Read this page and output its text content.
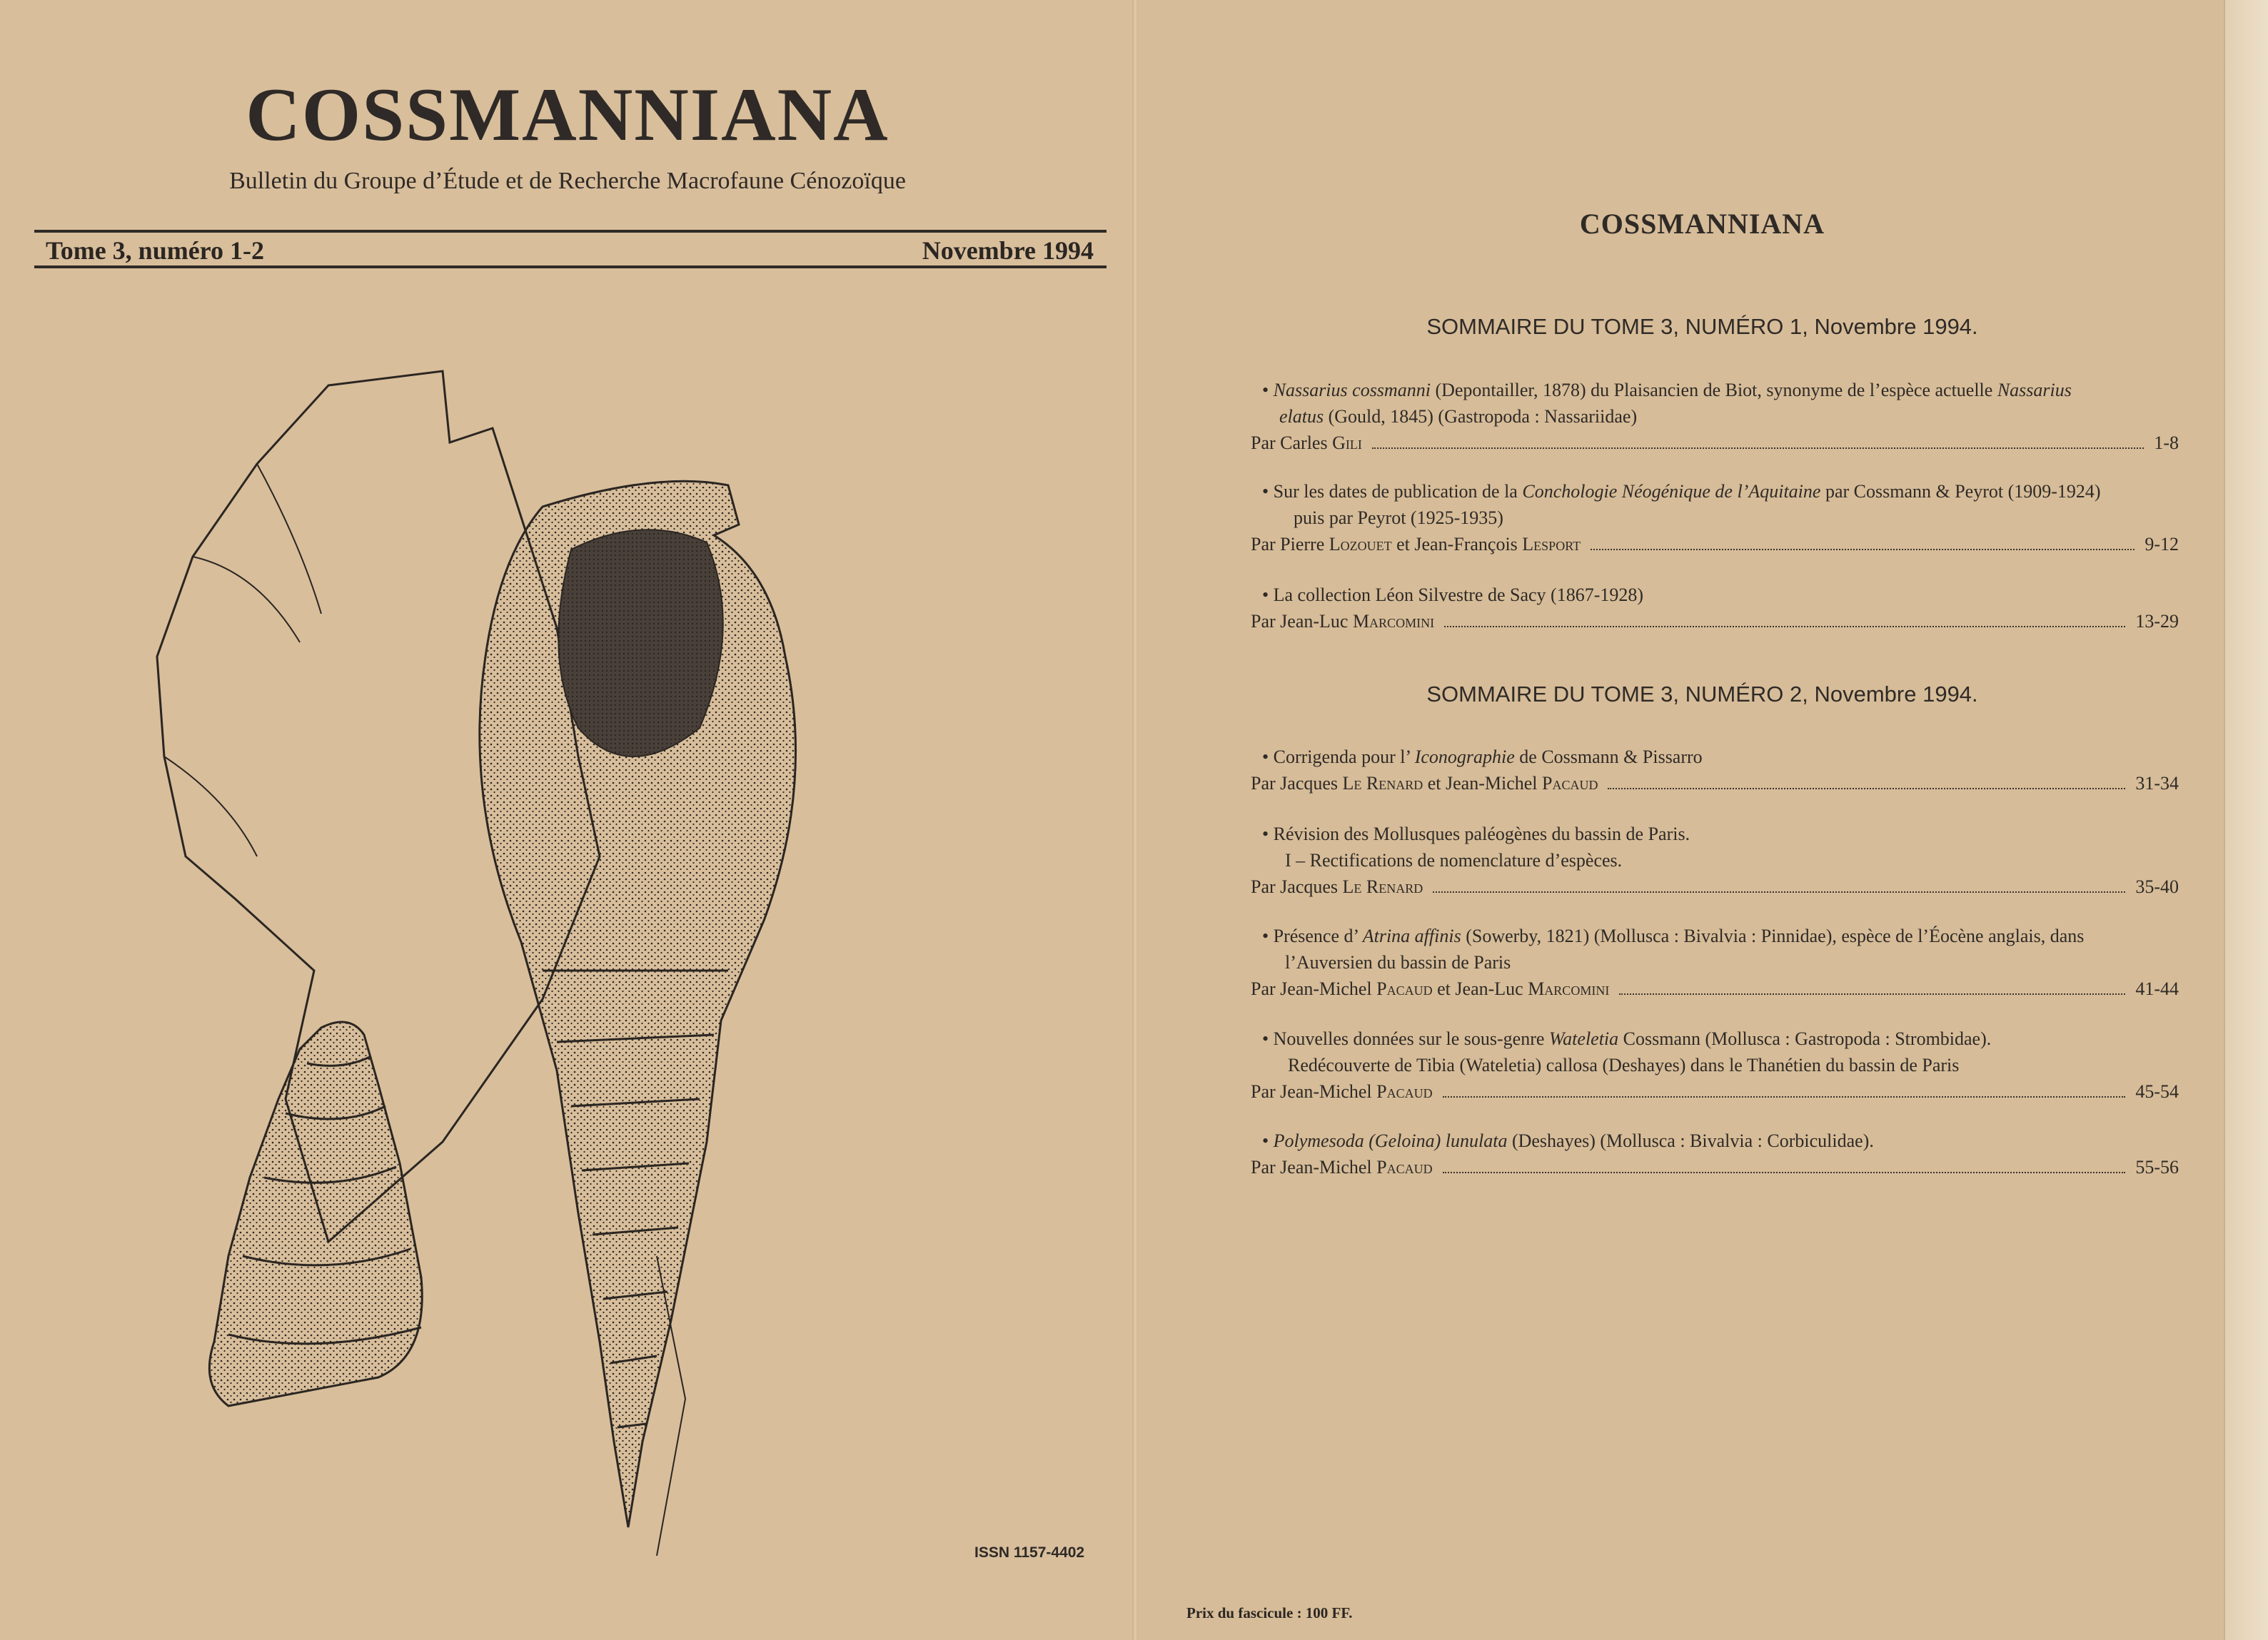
COSSMANNIANA
Bulletin du Groupe d’Étude et de Recherche Macrofaune Cénozoïque
Tome 3, numéro 1-2	Novembre 1994
ISSN 1157-4402
COSSMANNIANA
SOMMAIRE DU TOME 3, NUMÉRO 1, Novembre 1994.
• Nassarius cossmanni (Depontailler, 1878) du Plaisancien de Biot, synonyme de l’espèce actuelle Nassarius
elatus (Gould, 1845) (Gastropoda : Nassariidae)
Par Carles Gili	1-8
• Sur les dates de publication de la Conchologie Néogénique de l’Aquitaine par Cossmann & Peyrot (1909-1924)
puis par Peyrot (1925-1935)
Par Pierre Lozouet et Jean-François Lesport	9-12
• La collection Léon Silvestre de Sacy (1867-1928)
Par Jean-Luc Marcomini	13-29
SOMMAIRE DU TOME 3, NUMÉRO 2, Novembre 1994.
• Corrigenda pour l’ Iconographie de Cossmann & Pissarro
Par Jacques Le Renard et Jean-Michel Pacaud	31-34
• Révision des Mollusques paléogènes du bassin de Paris.
I – Rectifications de nomenclature d’espèces.
Par Jacques Le Renard	35-40
• Présence d’ Atrina affinis (Sowerby, 1821) (Mollusca : Bivalvia : Pinnidae), espèce de l’Éocène anglais, dans
l’Auversien du bassin de Paris
Par Jean-Michel Pacaud et Jean-Luc Marcomini	41-44
• Nouvelles données sur le sous-genre Wateletia Cossmann (Mollusca : Gastropoda : Strombidae).
Redécouverte de Tibia (Wateletia) callosa (Deshayes) dans le Thanétien du bassin de Paris
Par Jean-Michel Pacaud	45-54
• Polymesoda (Geloina) lunulata (Deshayes) (Mollusca : Bivalvia : Corbiculidae).
Par Jean-Michel Pacaud	55-56
Prix du fascicule : 100 FF.
